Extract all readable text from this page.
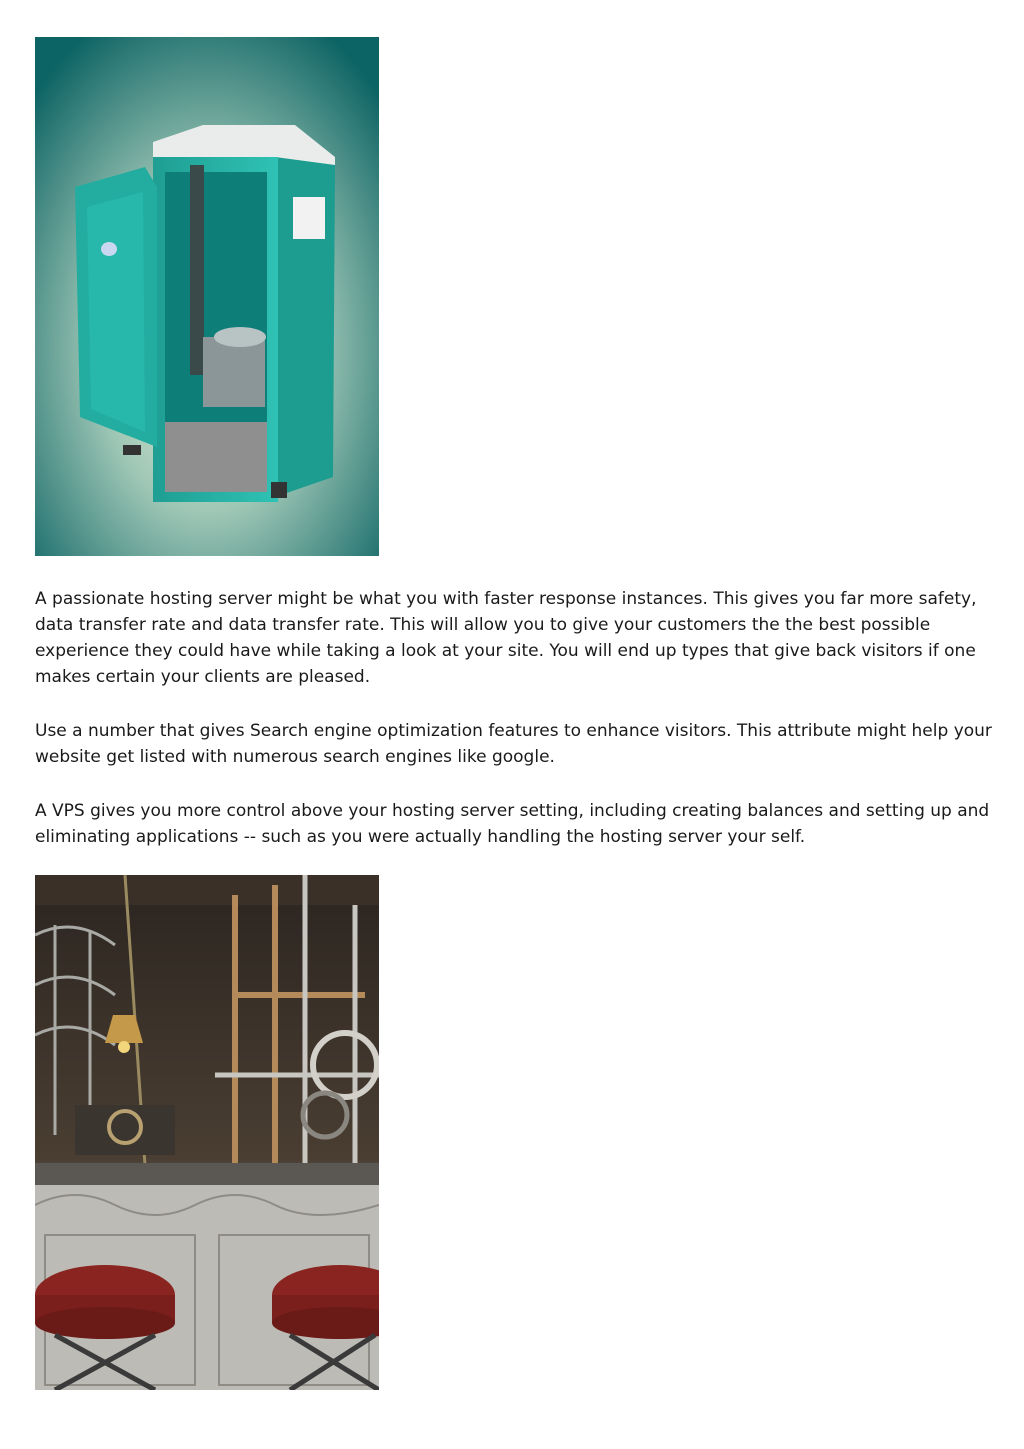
A passionate hosting server might be what you with faster response instances. This gives you far more safety, data transfer rate and data transfer rate. This will allow you to give your customers the the best possible experience they could have while taking a look at your site. You will end up types that give back visitors if one makes certain your clients are pleased.

Use a number that gives Search engine optimization features to enhance visitors. This attribute might help your website get listed with numerous search engines like google.

A VPS gives you more control above your hosting server setting, including creating balances and setting up and eliminating applications -- such as you were actually handling the hosting server your self.
